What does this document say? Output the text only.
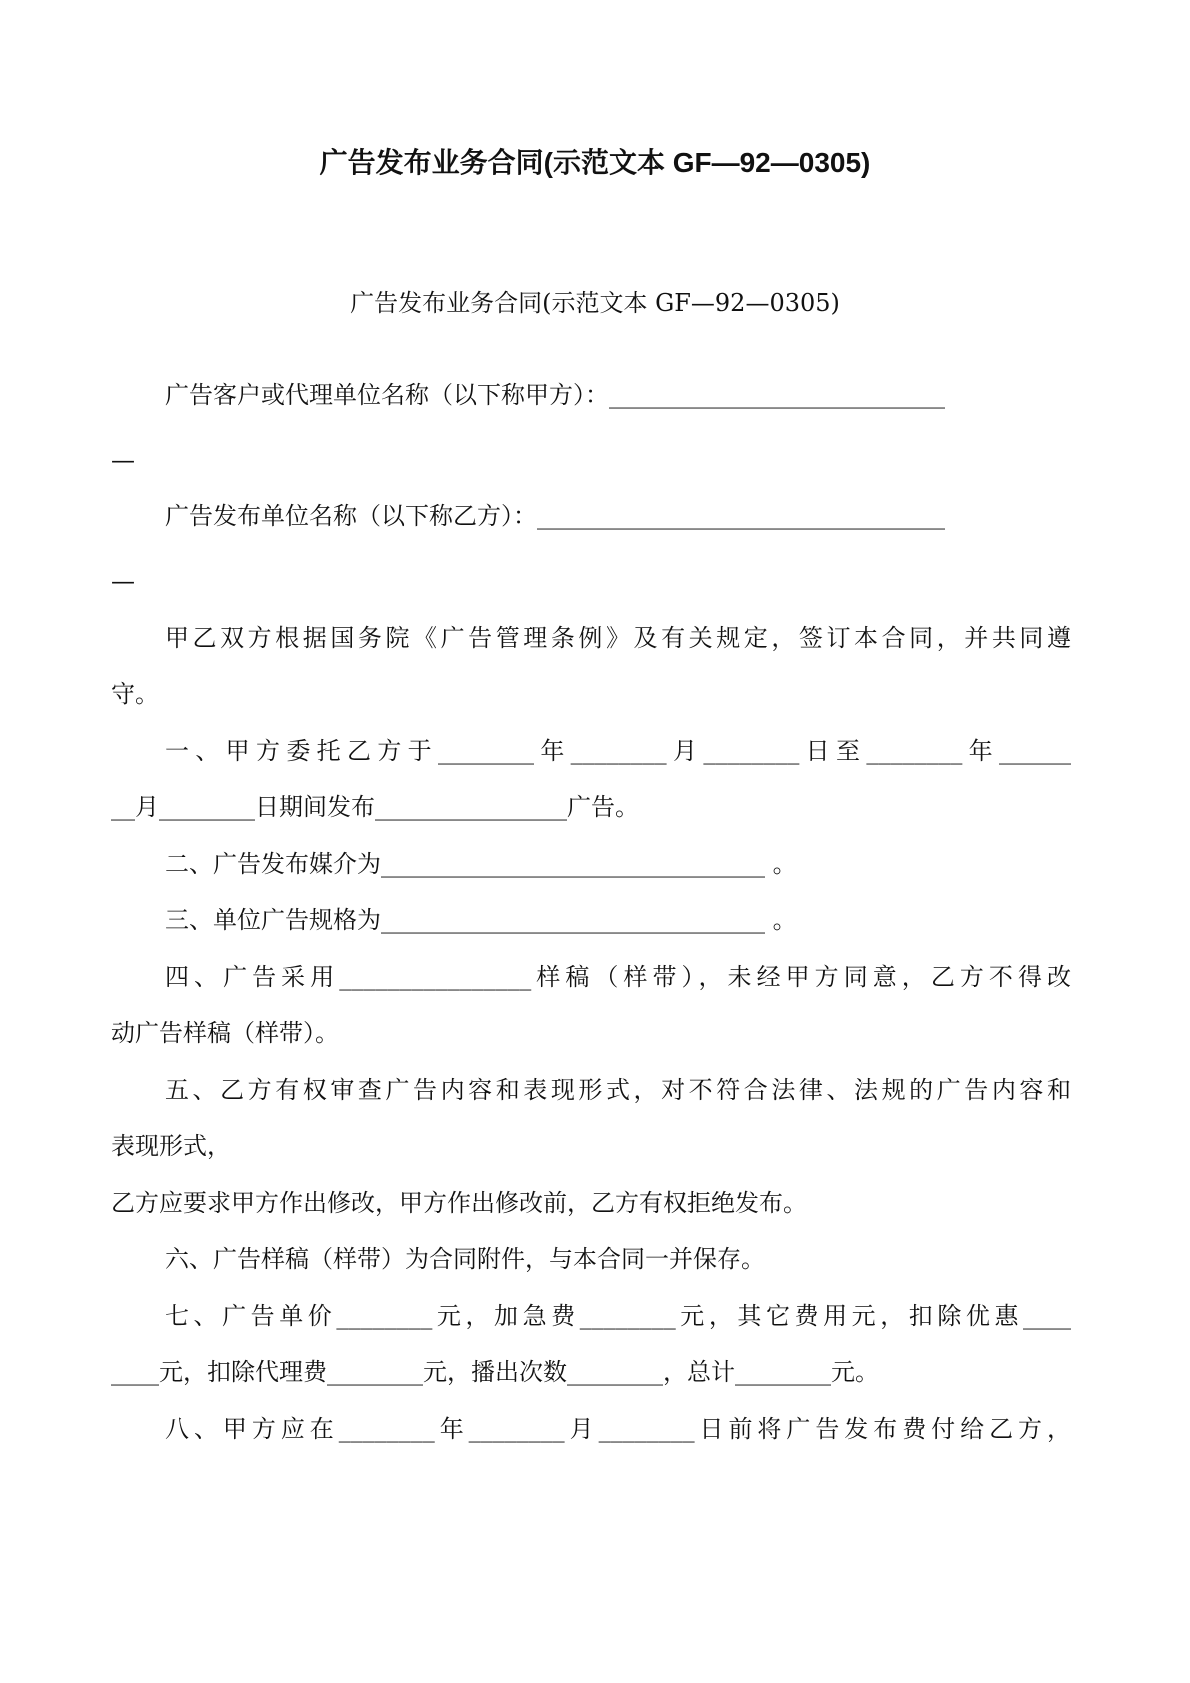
广告发布业务合同(示范文本 GF—92—0305)
广告发布业务合同(示范文本 GF—92—0305)
广告客户或代理单位名称（以下称甲方）：____________________________
—
广告发布单位名称（以下称乙方）：__________________________________
—
甲乙双方根据国务院《广告管理条例》及有关规定，签订本合同，并共同遵
守。
一、甲方委托乙方于________年________月________日至________年______
__月________日期间发布________________广告。
二、广告发布媒介为________________________________ 。
三、单位广告规格为________________________________ 。
四、广告采用________________样稿（样带），未经甲方同意，乙方不得改
动广告样稿（样带）。
五、乙方有权审查广告内容和表现形式，对不符合法律、法规的广告内容和
表现形式，
乙方应要求甲方作出修改，甲方作出修改前，乙方有权拒绝发布。
六、广告样稿（样带）为合同附件，与本合同一并保存。
七、广告单价________元，加急费________元，其它费用元，扣除优惠____
____元，扣除代理费________元，播出次数________，总计________元。
八、甲方应在________年________月________日前将广告发布费付给乙方，
